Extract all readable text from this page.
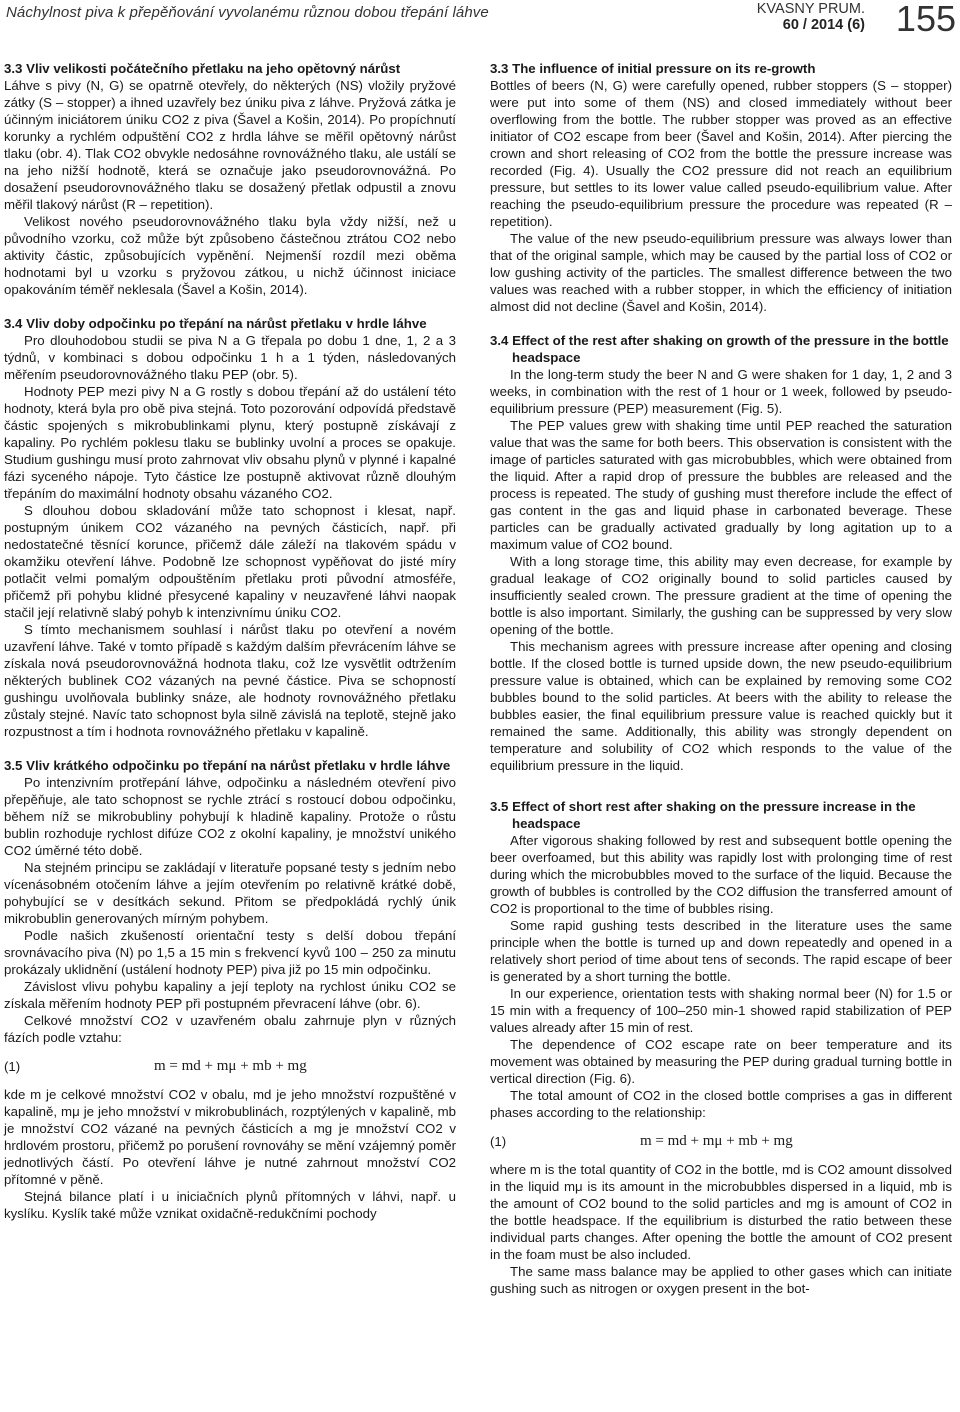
Náchylnost piva k přepěňování vyvolanému různou dobou třepání láhve	KVASNY PRUM.
60 / 2014 (6) 155
3.3 Vliv velikosti počátečního přetlaku na jeho opětovný nárůst

Láhve s pivy (N, G) se opatrně otevřely, do některých (NS) vložily pryžové zátky (S – stopper) a ihned uzavřely bez úniku piva z láhve. Pryžová zátka je účinným iniciátorem úniku CO2 z piva (Šavel a Košin, 2014). Po propíchnutí korunky a rychlém odpuštění CO2 z hrdla láhve se měřil opětovný nárůst tlaku (obr. 4). Tlak CO2 obvykle nedosáhne rovnovážného tlaku, ale ustálí se na jeho nižší hodnotě, která se označuje jako pseudorovnovážná. Po dosažení pseudorovnovážného tlaku se dosažený přetlak odpustil a znovu měřil tlakový nárůst (R – repetition).

Velikost nového pseudorovnovážného tlaku byla vždy nižší, než u původního vzorku, což může být způsobeno částečnou ztrátou CO2 nebo aktivity částic, způsobujících vypěnění. Nejmenší rozdíl mezi oběma hodnotami byl u vzorku s pryžovou zátkou, u nichž účinnost iniciace opakováním téměř neklesala (Šavel a Košin, 2014).

3.4 Vliv doby odpočinku po třepání na nárůst přetlaku v hrdle láhve

Pro dlouhodobou studii se piva N a G třepala po dobu 1 dne, 1, 2 a 3 týdnů, v kombinaci s dobou odpočinku 1 h a 1 týden, následovaných měřením pseudorovnovážného tlaku PEP (obr. 5).

Hodnoty PEP mezi pivy N a G rostly s dobou třepání až do ustálení této hodnoty, která byla pro obě piva stejná. Toto pozorování odpovídá představě částic spojených s mikrobublinkami plynu, který postupně získávají z kapaliny. Po rychlém poklesu tlaku se bublinky uvolní a proces se opakuje. Studium gushingu musí proto zahrnovat vliv obsahu plynů v plynné i kapalné fázi syceného nápoje. Tyto částice lze postupně aktivovat různě dlouhým třepáním do maximální hodnoty obsahu vázaného CO2.

S dlouhou dobou skladování může tato schopnost i klesat, např. postupným únikem CO2 vázaného na pevných částicích, např. při nedostatečné těsnící korunce, přičemž dále záleží na tlakovém spádu v okamžiku otevření láhve. Podobně lze schopnost vypěňovat do jisté míry potlačit velmi pomalým odpouštěním přetlaku proti původní atmosféře, přičemž při pohybu klidné přesycené kapaliny v neuzavřené láhvi naopak stačil její relativně slabý pohyb k intenzivnímu úniku CO2.

S tímto mechanismem souhlasí i nárůst tlaku po otevření a novém uzavření láhve. Také v tomto případě s každým dalším převrácením láhve se získala nová pseudorovnovážná hodnota tlaku, což lze vysvětlit odtržením některých bublinek CO2 vázaných na pevné částice. Piva se schopností gushingu uvolňovala bublinky snáze, ale hodnoty rovnovážného přetlaku zůstaly stejné. Navíc tato schopnost byla silně závislá na teplotě, stejně jako rozpustnost a tím i hodnota rovnovážného přetlaku v kapalině.

3.5 Vliv krátkého odpočinku po třepání na nárůst přetlaku v hrdle láhve

Po intenzivním protřepání láhve, odpočinku a následném otevření pivo přepěňuje, ale tato schopnost se rychle ztrácí s rostoucí dobou odpočinku, během níž se mikrobubliny pohybují k hladině kapaliny. Protože o růstu bublin rozhoduje rychlost difúze CO2 z okolní kapaliny, je množství unikého CO2 úměrné této době.

Na stejném principu se zakládají v literatuře popsané testy s jedním nebo vícenásobném otočením láhve a jejím otevřením po relativně krátké době, pohybující se v desítkách sekund. Přitom se předpokládá rychlý únik mikrobublin generovaných mírným pohybem.

Podle našich zkušeností orientační testy s delší dobou třepání srovnávacího piva (N) po 1,5 a 15 min s frekvencí kyvů 100 – 250 za minutu prokázaly uklidnění (ustálení hodnoty PEP) piva již po 15 min odpočinku.

Závislost vlivu pohybu kapaliny a její teploty na rychlost úniku CO2 se získala měřením hodnoty PEP při postupném převracení láhve (obr. 6).

Celkové množství CO2 v uzavřeném obalu zahrnuje plyn v různých fázích podle vztahu:

(1)	m = md + mμ + mb + mg

kde m je celkové množství CO2 v obalu, md je jeho množství rozpuštěné v kapalině, mμ je jeho množství v mikrobublinách, rozptýlených v kapalině, mb je množství CO2 vázané na pevných částicích a mg je množství CO2 v hrdlovém prostoru, přičemž po porušení rovnováhy se mění vzájemný poměr jednotlivých částí. Po otevření láhve je nutné zahrnout množství CO2 přítomné v pěně.

Stejná bilance platí i u iniciačních plynů přítomných v láhvi, např. u kyslíku. Kyslík také může vznikat oxidačně-redukčními pochody

3.3 The influence of initial pressure on its re-growth

Bottles of beers (N, G) were carefully opened, rubber stoppers (S – stopper) were put into some of them (NS) and closed immediately without beer overflowing from the bottle. The rubber stopper was proved as an effective initiator of CO2 escape from beer (Šavel and Košin, 2014). After piercing the crown and short releasing of CO2 from the bottle the pressure increase was recorded (Fig. 4). Usually the CO2 pressure did not reach an equilibrium pressure, but settles to its lower value called pseudo-equilibrium value. After reaching the pseudo-equilibrium pressure the procedure was repeated (R – repetition).

The value of the new pseudo-equilibrium pressure was always lower than that of the original sample, which may be caused by the partial loss of CO2 or low gushing activity of the particles. The smallest difference between the two values was reached with a rubber stopper, in which the efficiency of initiation almost did not decline (Šavel and Košin, 2014).

3.4 Effect of the rest after shaking on growth of the pressure in the bottle headspace

In the long-term study the beer N and G were shaken for 1 day, 1, 2 and 3 weeks, in combination with the rest of 1 hour or 1 week, followed by pseudo-equilibrium pressure (PEP) measurement (Fig. 5).

The PEP values grew with shaking time until PEP reached the saturation value that was the same for both beers. This observation is consistent with the image of particles saturated with gas microbubbles, which were obtained from the liquid. After a rapid drop of pressure the bubbles are released and the process is repeated. The study of gushing must therefore include the effect of gas content in the gas and liquid phase in carbonated beverage. These particles can be gradually activated gradually by long agitation up to a maximum value of CO2 bound.

With a long storage time, this ability may even decrease, for example by gradual leakage of CO2 originally bound to solid particles caused by insufficiently sealed crown. The pressure gradient at the time of opening the bottle is also important. Similarly, the gushing can be suppressed by very slow opening of the bottle.

This mechanism agrees with pressure increase after opening and closing bottle. If the closed bottle is turned upside down, the new pseudo-equilibrium pressure value is obtained, which can be explained by removing some CO2 bubbles bound to the solid particles. At beers with the ability to release the bubbles easier, the final equilibrium pressure value is reached quickly but it remained the same. Additionally, this ability was strongly dependent on temperature and solubility of CO2 which responds to the value of the equilibrium pressure in the liquid.

3.5 Effect of short rest after shaking on the pressure increase in the headspace

After vigorous shaking followed by rest and subsequent bottle opening the beer overfoamed, but this ability was rapidly lost with prolonging time of rest during which the microbubbles moved to the surface of the liquid. Because the growth of bubbles is controlled by the CO2 diffusion the transferred amount of CO2 is proportional to the time of bubbles rising.

Some rapid gushing tests described in the literature uses the same principle when the bottle is turned up and down repeatedly and opened in a relatively short period of time about tens of seconds. The rapid escape of beer is generated by a short turning the bottle.

In our experience, orientation tests with shaking normal beer (N) for 1.5 or 15 min with a frequency of 100–250 min-1 showed rapid stabilization of PEP values already after 15 min of rest.

The dependence of CO2 escape rate on beer temperature and its movement was obtained by measuring the PEP during gradual turning bottle in vertical direction (Fig. 6).

The total amount of CO2 in the closed bottle comprises a gas in different phases according to the relationship:

(1)	m = md + mμ + mb + mg

where m is the total quantity of CO2 in the bottle, md is CO2 amount dissolved in the liquid mμ is its amount in the microbubbles dispersed in a liquid, mb is the amount of CO2 bound to the solid particles and mg is amount of CO2 in the bottle headspace. If the equilibrium is disturbed the ratio between these individual parts changes. After opening the bottle the amount of CO2 present in the foam must be also included.

The same mass balance may be applied to other gases which can initiate gushing such as nitrogen or oxygen present in the bot-
